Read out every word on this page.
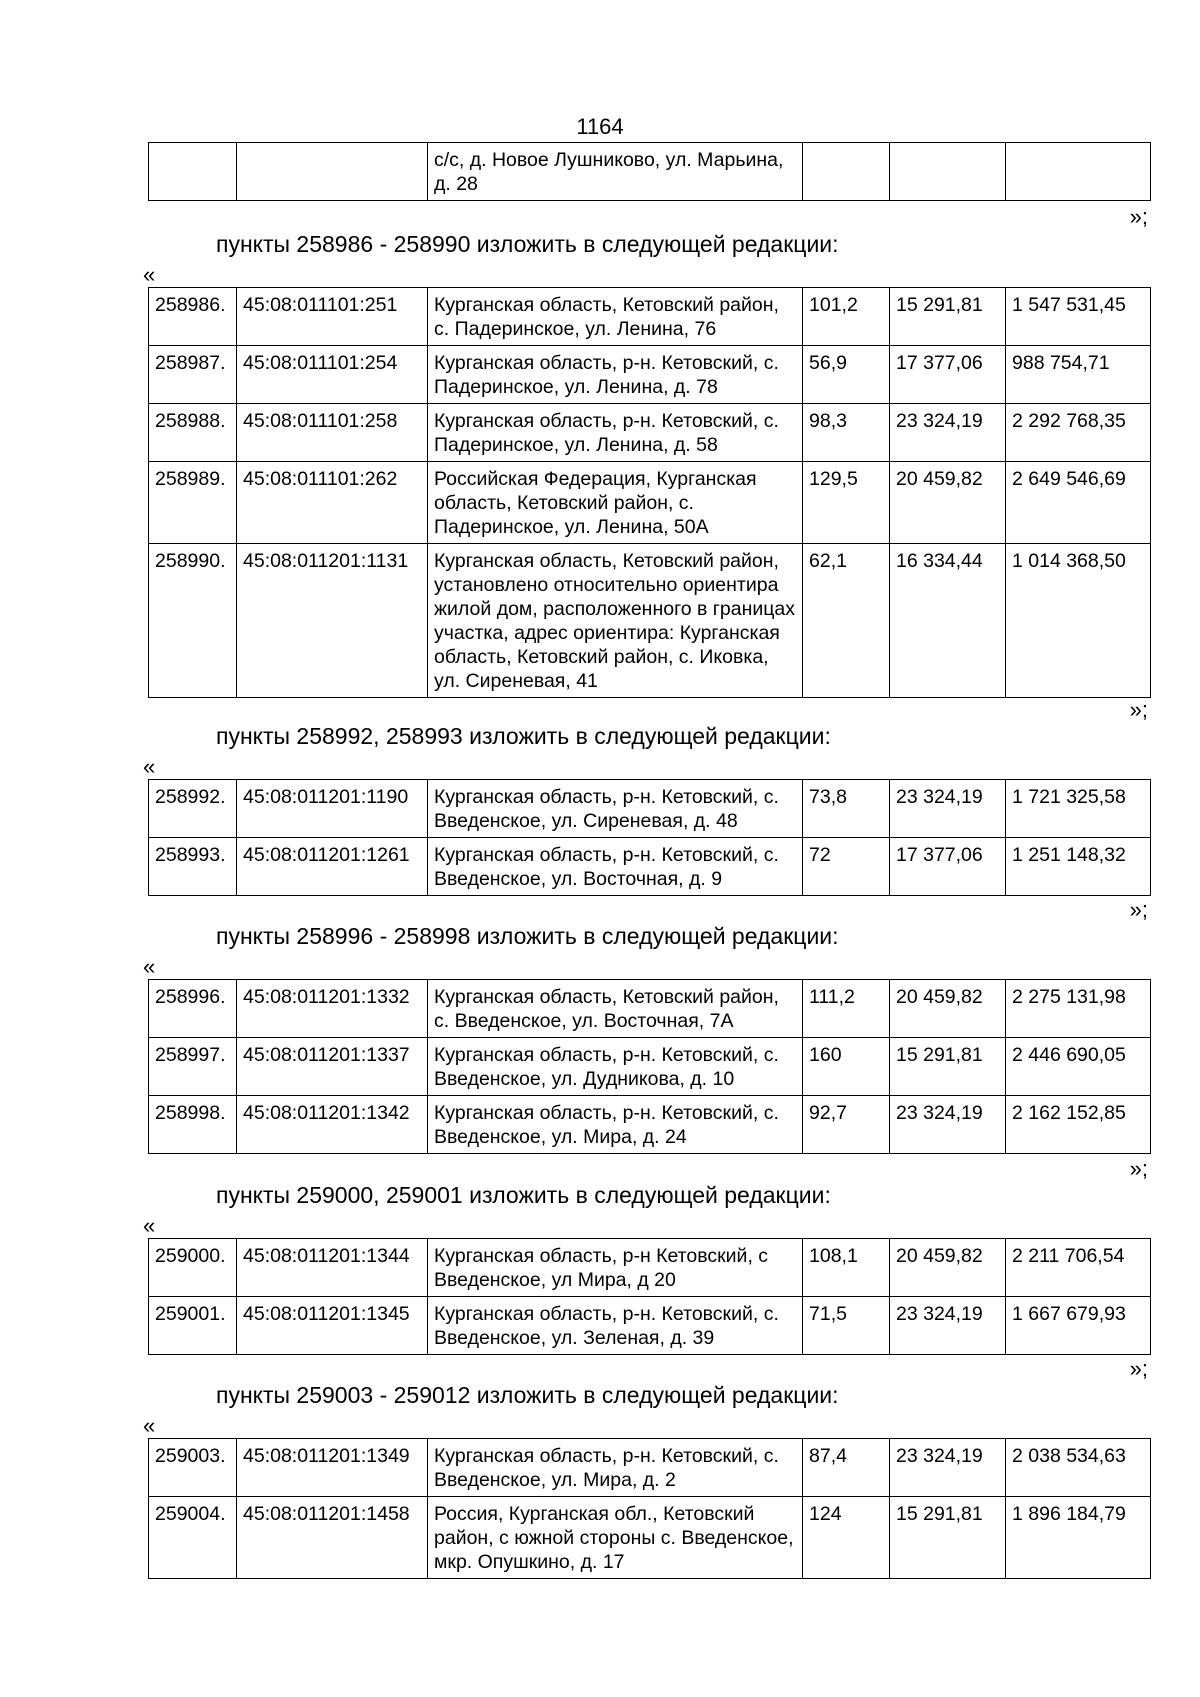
1164
		с/с, д. Новое Лушниково, ул. Марьина, д. 28			
»;
пункты 258986 - 258990 изложить в следующей редакции:
«
258986.	45:08:011101:251	Курганская область, Кетовский район, с. Падеринское, ул. Ленина, 76	101,2	15 291,81	1 547 531,45
258987.	45:08:011101:254	Курганская область, р-н. Кетовский, с. Падеринское, ул. Ленина, д. 78	56,9	17 377,06	988 754,71
258988.	45:08:011101:258	Курганская область, р-н. Кетовский, с. Падеринское, ул. Ленина, д. 58	98,3	23 324,19	2 292 768,35
258989.	45:08:011101:262	Российская Федерация, Курганская область, Кетовский район, с. Падеринское, ул. Ленина, 50А	129,5	20 459,82	2 649 546,69
258990.	45:08:011201:1131	Курганская область, Кетовский район, установлено относительно ориентира жилой дом, расположенного в границах участка, адрес ориентира: Курганская область, Кетовский район, с. Иковка, ул. Сиреневая, 41	62,1	16 334,44	1 014 368,50
»;
пункты 258992, 258993 изложить в следующей редакции:
«
258992.	45:08:011201:1190	Курганская область, р-н. Кетовский, с. Введенское, ул. Сиреневая, д. 48	73,8	23 324,19	1 721 325,58
258993.	45:08:011201:1261	Курганская область, р-н. Кетовский, с. Введенское, ул. Восточная, д. 9	72	17 377,06	1 251 148,32
»;
пункты 258996 - 258998 изложить в следующей редакции:
«
258996.	45:08:011201:1332	Курганская область, Кетовский район, с. Введенское, ул. Восточная, 7А	111,2	20 459,82	2 275 131,98
258997.	45:08:011201:1337	Курганская область, р-н. Кетовский, с. Введенское, ул. Дудникова, д. 10	160	15 291,81	2 446 690,05
258998.	45:08:011201:1342	Курганская область, р-н. Кетовский, с. Введенское, ул. Мира, д. 24	92,7	23 324,19	2 162 152,85
»;
пункты 259000, 259001 изложить в следующей редакции:
«
259000.	45:08:011201:1344	Курганская область, р-н Кетовский, с Введенское, ул Мира, д 20	108,1	20 459,82	2 211 706,54
259001.	45:08:011201:1345	Курганская область, р-н. Кетовский, с. Введенское, ул. Зеленая, д. 39	71,5	23 324,19	1 667 679,93
»;
пункты 259003 - 259012 изложить в следующей редакции:
«
259003.	45:08:011201:1349	Курганская область, р-н. Кетовский, с. Введенское, ул. Мира, д. 2	87,4	23 324,19	2 038 534,63
259004.	45:08:011201:1458	Россия, Курганская обл., Кетовский район, с южной стороны с. Введенское, мкр. Опушкино, д. 17	124	15 291,81	1 896 184,79
